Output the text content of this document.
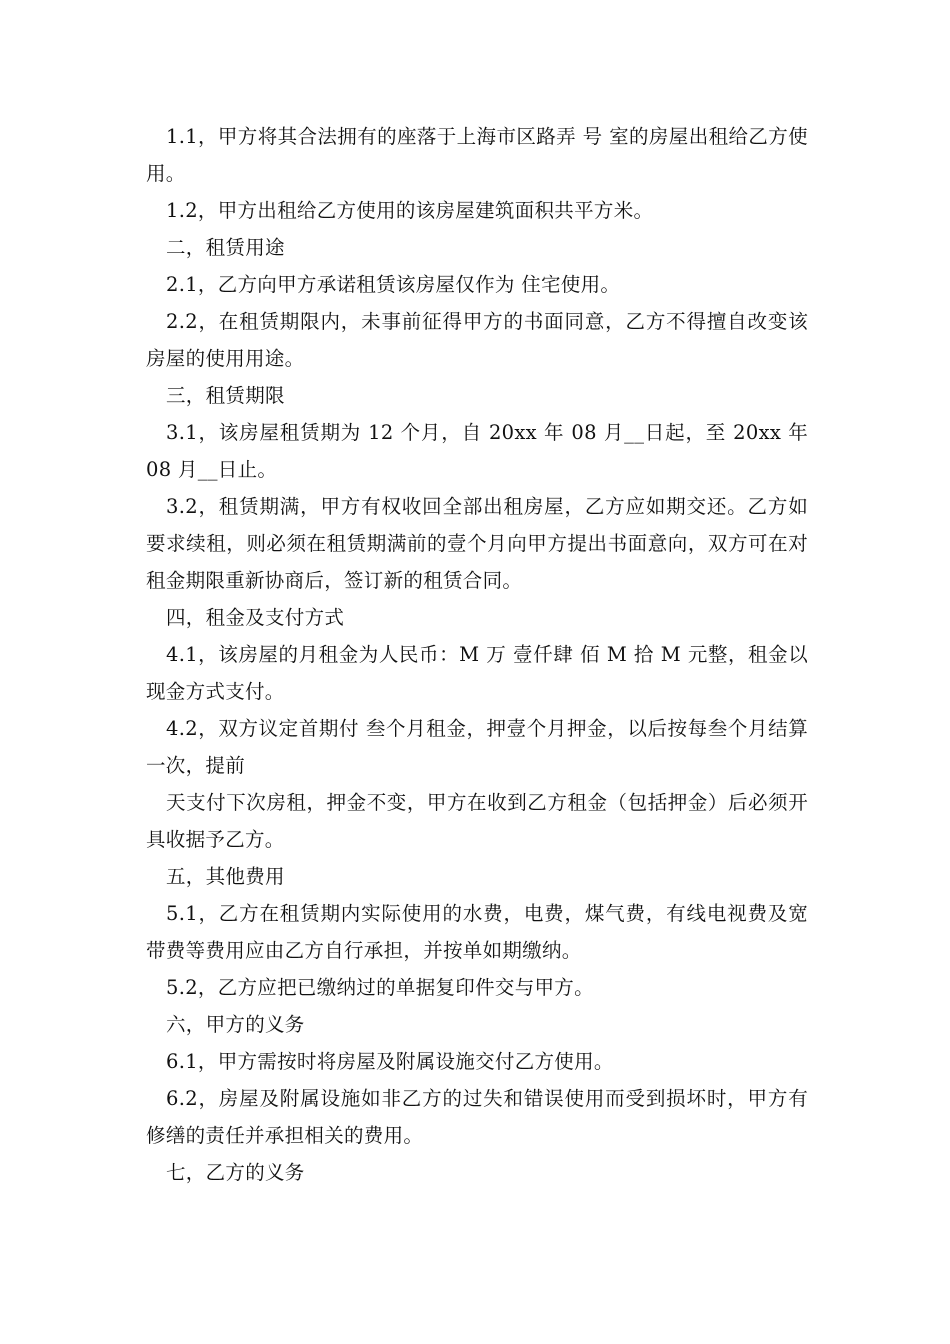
1.1，甲方将其合法拥有的座落于上海市区路弄 号 室的房屋出租给乙方使用。

1.2，甲方出租给乙方使用的该房屋建筑面积共平方米。

二，租赁用途

2.1，乙方向甲方承诺租赁该房屋仅作为 住宅使用。

2.2，在租赁期限内，未事前征得甲方的书面同意，乙方不得擅自改变该房屋的使用用途。

三，租赁期限

3.1，该房屋租赁期为 12 个月，自 20xx 年 08 月__日起，至 20xx 年 08 月__日止。

3.2，租赁期满，甲方有权收回全部出租房屋，乙方应如期交还。乙方如要求续租，则必须在租赁期满前的壹个月向甲方提出书面意向，双方可在对租金期限重新协商后，签订新的租赁合同。

四，租金及支付方式

4.1，该房屋的月租金为人民币：M 万 壹仟肆 佰 M 拾 M 元整，租金以现金方式支付。

4.2，双方议定首期付 叁个月租金，押壹个月押金，以后按每叁个月结算一次，提前

天支付下次房租，押金不变，甲方在收到乙方租金（包括押金）后必须开具收据予乙方。

五，其他费用

5.1，乙方在租赁期内实际使用的水费，电费，煤气费，有线电视费及宽带费等费用应由乙方自行承担，并按单如期缴纳。

5.2，乙方应把已缴纳过的单据复印件交与甲方。

六，甲方的义务

6.1，甲方需按时将房屋及附属设施交付乙方使用。

6.2，房屋及附属设施如非乙方的过失和错误使用而受到损坏时，甲方有修缮的责任并承担相关的费用。

七，乙方的义务
